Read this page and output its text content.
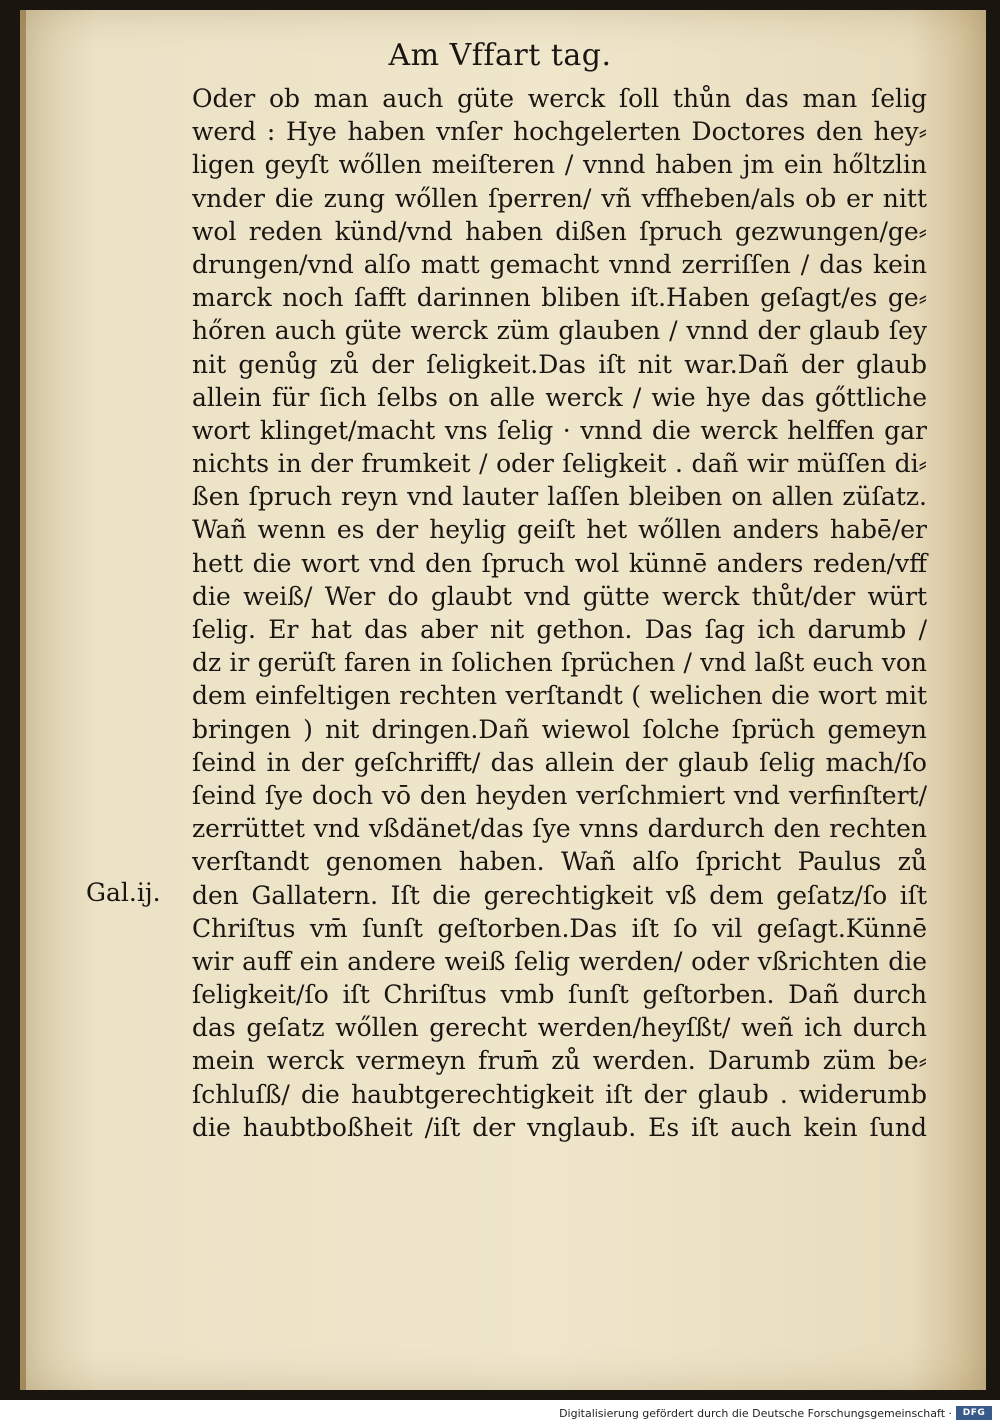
Am Vffart tag.
Oder ob man auch güte werck ſoll thůn das man ſelig
werd : Hye haben vnſer hochgelerten Doctores den hey⸗
ligen geyſt wőllen meiſteren / vnnd haben jm ein hőltzlin
vnder die zung wőllen ſperren/ vñ vffheben/als ob er nitt
wol reden künd/vnd haben dißen ſpruch gezwungen/ge⸗
drungen/vnd alſo matt gemacht vnnd zerriſſen / das kein
marck noch ſafft darinnen bliben iſt.Haben geſagt/es ge⸗
hőren auch güte werck züm glauben / vnnd der glaub ſey
nit genůg zů der ſeligkeit.Das iſt nit war.Dañ der glaub
allein für ſich ſelbs on alle werck / wie hye das gőttliche
wort klinget/macht vns ſelig · vnnd die werck helffen gar
nichts in der frumkeit / oder ſeligkeit . dañ wir müſſen di⸗
ßen ſpruch reyn vnd lauter laſſen bleiben on allen züſatz.
Wañ wenn es der heylig geiſt het wőllen anders habē/er
hett die wort vnd den ſpruch wol künnē anders reden/vff
die weiß/ Wer do glaubt vnd gütte werck thůt/der würt
ſelig. Er hat das aber nit gethon. Das ſag ich darumb /
dz ir gerüſt faren in ſolichen ſprüchen / vnd laßt euch von
dem einfeltigen rechten verſtandt ( welichen die wort mit
bringen ) nit dringen.Dañ wiewol ſolche ſprüch gemeyn
ſeind in der geſchrifft/ das allein der glaub ſelig mach/ſo
ſeind ſye doch vō den heyden verſchmiert vnd verfinſtert/
zerrüttet vnd vßdänet/das ſye vnns dardurch den rechten
verſtandt genomen haben. Wañ alſo ſpricht Paulus zů
den Gallatern. Iſt die gerechtigkeit vß dem geſatz/ſo iſt
Chriſtus vm̄ ſunſt geſtorben.Das iſt ſo vil geſagt.Künnē
wir auff ein andere weiß ſelig werden/ oder vßrichten die
ſeligkeit/ſo iſt Chriſtus vmb ſunſt geſtorben. Dañ durch
das geſatz wőllen gerecht werden/heyſßt/ weñ ich durch
mein werck vermeyn frum̄ zů werden. Darumb züm be⸗
ſchluſß/ die haubtgerechtigkeit iſt der glaub . widerumb
die haubtboßheit /iſt der vnglaub. Es iſt auch kein ſund
Gal.ij.
Digitalisierung gefördert durch die Deutsche Forschungsgemeinschaft ·	DFG
